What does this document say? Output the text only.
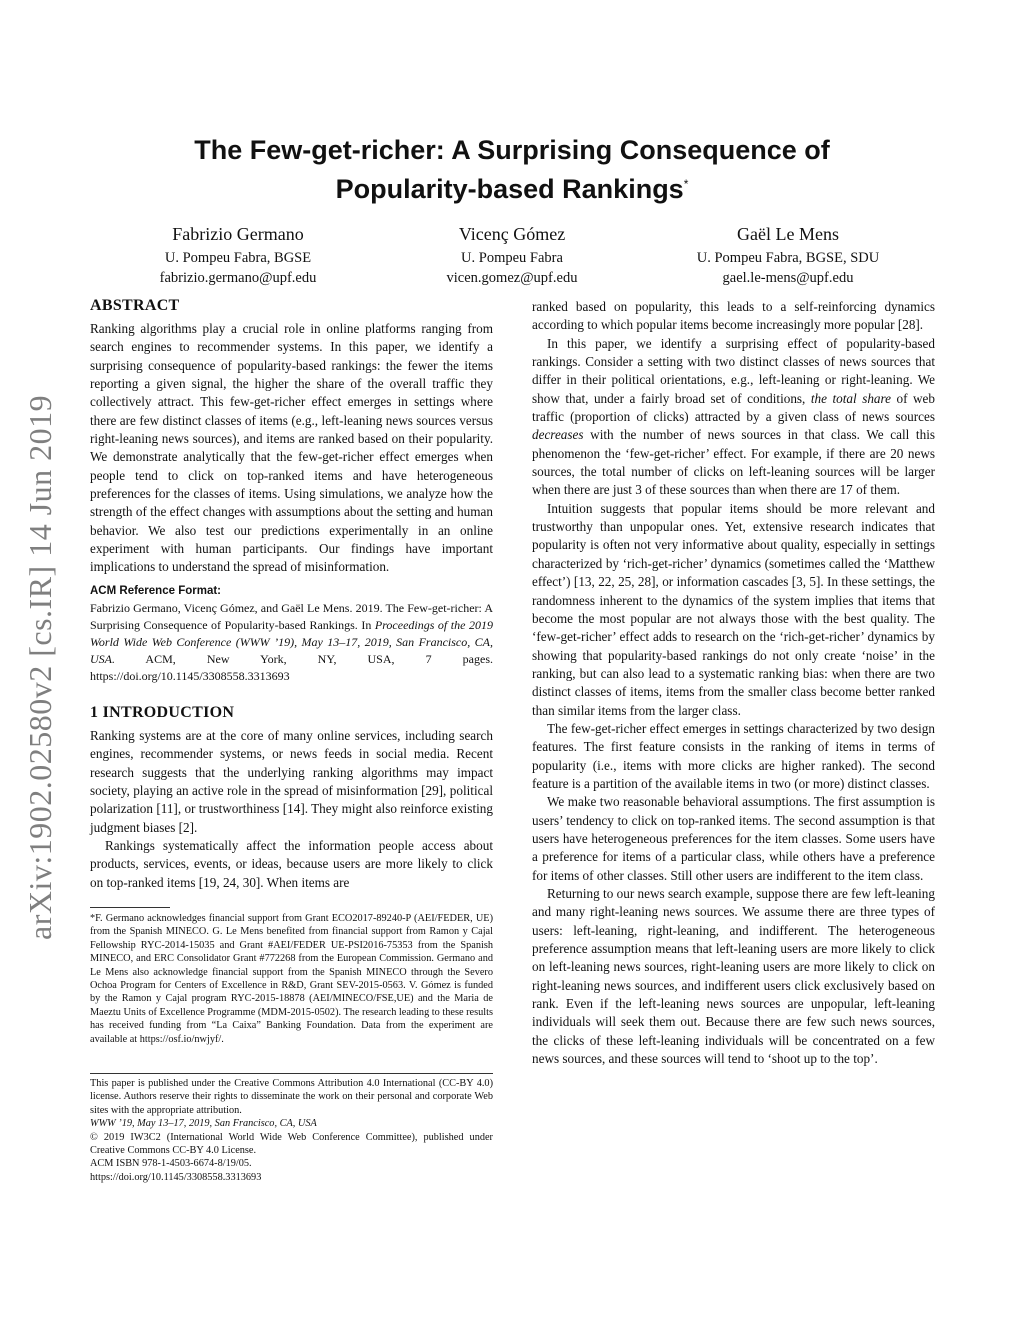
arXiv:1902.02580v2 [cs.IR] 14 Jun 2019
The Few-get-richer: A Surprising Consequence of
Popularity-based Rankings*
Fabrizio Germano
U. Pompeu Fabra, BGSE
fabrizio.germano@upf.edu
Vicenç Gómez
U. Pompeu Fabra
vicen.gomez@upf.edu
Gaël Le Mens
U. Pompeu Fabra, BGSE, SDU
gael.le-mens@upf.edu
ABSTRACT

Ranking algorithms play a crucial role in online platforms ranging from search engines to recommender systems. In this paper, we identify a surprising consequence of popularity-based rankings: the fewer the items reporting a given signal, the higher the share of the overall traffic they collectively attract. This few-get-richer effect emerges in settings where there are few distinct classes of items (e.g., left-leaning news sources versus right-leaning news sources), and items are ranked based on their popularity. We demonstrate analytically that the few-get-richer effect emerges when people tend to click on top-ranked items and have heterogeneous preferences for the classes of items. Using simulations, we analyze how the strength of the effect changes with assumptions about the setting and human behavior. We also test our predictions experimentally in an online experiment with human participants. Our findings have important implications to understand the spread of misinformation.

ACM Reference Format:

Fabrizio Germano, Vicenç Gómez, and Gaël Le Mens. 2019. The Few-get-richer: A Surprising Consequence of Popularity-based Rankings. In Proceedings of the 2019 World Wide Web Conference (WWW ’19), May 13–17, 2019, San Francisco, CA, USA. ACM, New York, NY, USA, 7 pages. https://doi.org/10.1145/3308558.3313693

1 INTRODUCTION

Ranking systems are at the core of many online services, including search engines, recommender systems, or news feeds in social media. Recent research suggests that the underlying ranking algorithms may impact society, playing an active role in the spread of misinformation [29], political polarization [11], or trustworthiness [14]. They might also reinforce existing judgment biases [2].

Rankings systematically affect the information people access about products, services, events, or ideas, because users are more likely to click on top-ranked items [19, 24, 30]. When items are

*F. Germano acknowledges financial support from Grant ECO2017-89240-P (AEI/FEDER, UE) from the Spanish MINECO. G. Le Mens benefited from financial support from Ramon y Cajal Fellowship RYC-2014-15035 and Grant #AEI/FEDER UE-PSI2016-75353 from the Spanish MINECO, and ERC Consolidator Grant #772268 from the European Commission. Germano and Le Mens also acknowledge financial support from the Spanish MINECO through the Severo Ochoa Program for Centers of Excellence in R&D, Grant SEV-2015-0563. V. Gómez is funded by the Ramon y Cajal program RYC-2015-18878 (AEI/MINECO/FSE,UE) and the Maria de Maeztu Units of Excellence Programme (MDM-2015-0502). The research leading to these results has received funding from “La Caixa” Banking Foundation. Data from the experiment are available at https://osf.io/nwjyf/.

This paper is published under the Creative Commons Attribution 4.0 International (CC-BY 4.0) license. Authors reserve their rights to disseminate the work on their personal and corporate Web sites with the appropriate attribution.

WWW ’19, May 13–17, 2019, San Francisco, CA, USA

© 2019 IW3C2 (International World Wide Web Conference Committee), published under Creative Commons CC-BY 4.0 License.

ACM ISBN 978-1-4503-6674-8/19/05.

https://doi.org/10.1145/3308558.3313693

ranked based on popularity, this leads to a self-reinforcing dynamics according to which popular items become increasingly more popular [28].

In this paper, we identify a surprising effect of popularity-based rankings. Consider a setting with two distinct classes of news sources that differ in their political orientations, e.g., left-leaning or right-leaning. We show that, under a fairly broad set of conditions, the total share of web traffic (proportion of clicks) attracted by a given class of news sources decreases with the number of news sources in that class. We call this phenomenon the ‘few-get-richer’ effect. For example, if there are 20 news sources, the total number of clicks on left-leaning sources will be larger when there are just 3 of these sources than when there are 17 of them.

Intuition suggests that popular items should be more relevant and trustworthy than unpopular ones. Yet, extensive research indicates that popularity is often not very informative about quality, especially in settings characterized by ‘rich-get-richer’ dynamics (sometimes called the ‘Matthew effect’) [13, 22, 25, 28], or information cascades [3, 5]. In these settings, the randomness inherent to the dynamics of the system implies that items that become the most popular are not always those with the best quality. The ‘few-get-richer’ effect adds to research on the ‘rich-get-richer’ dynamics by showing that popularity-based rankings do not only create ‘noise’ in the ranking, but can also lead to a systematic ranking bias: when there are two distinct classes of items, items from the smaller class become better ranked than similar items from the larger class.

The few-get-richer effect emerges in settings characterized by two design features. The first feature consists in the ranking of items in terms of popularity (i.e., items with more clicks are higher ranked). The second feature is a partition of the available items in two (or more) distinct classes.

We make two reasonable behavioral assumptions. The first assumption is users’ tendency to click on top-ranked items. The second assumption is that users have heterogeneous preferences for the item classes. Some users have a preference for items of a particular class, while others have a preference for items of other classes. Still other users are indifferent to the item class.

Returning to our news search example, suppose there are few left-leaning and many right-leaning news sources. We assume there are three types of users: left-leaning, right-leaning, and indifferent. The heterogeneous preference assumption means that left-leaning users are more likely to click on left-leaning news sources, right-leaning users are more likely to click on right-leaning news sources, and indifferent users click exclusively based on rank. Even if the left-leaning news sources are unpopular, left-leaning individuals will seek them out. Because there are few such news sources, the clicks of these left-leaning individuals will be concentrated on a few news sources, and these sources will tend to ‘shoot up to the top’.
